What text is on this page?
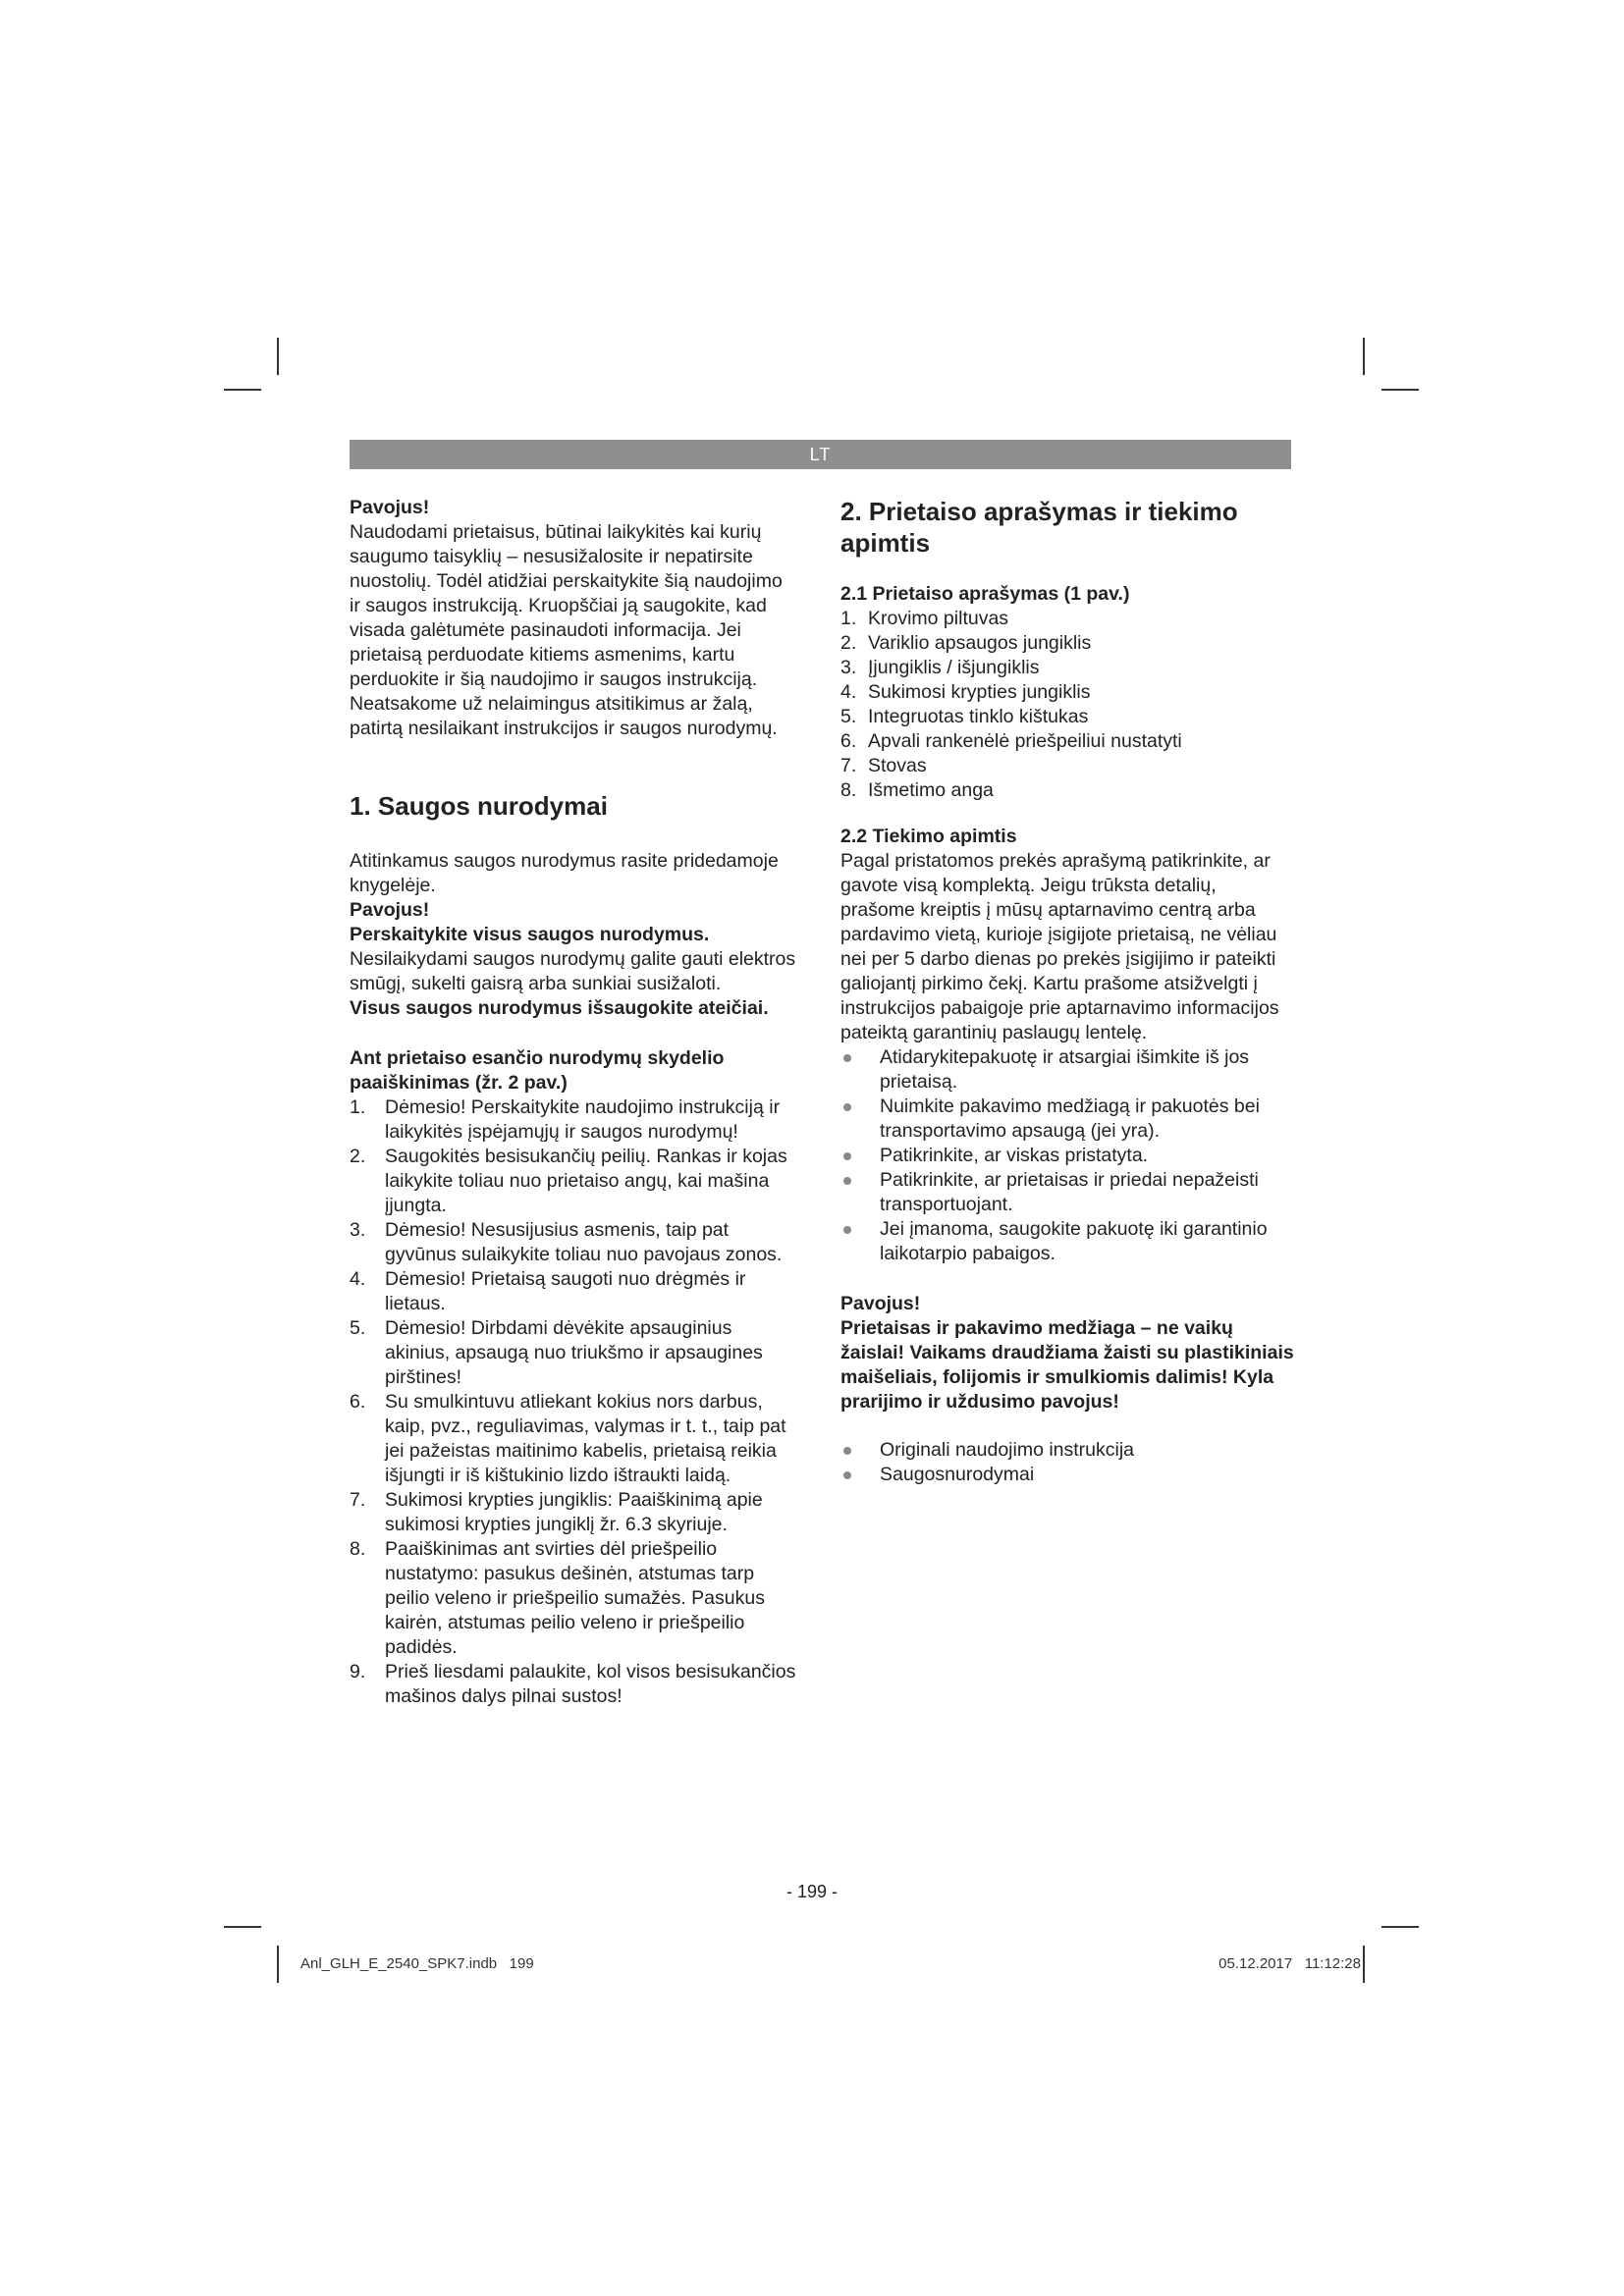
LT

Pavojus!

Naudodami prietaisus, būtinai laikykitės kai kurių saugumo taisyklių – nesusižalosite ir nepatirsite nuostolių. Todėl atidžiai perskaitykite šią naudojimo ir saugos instrukciją. Kruopščiai ją saugokite, kad visada galėtumėte pasinaudoti informacija. Jei prietaisą perduodate kitiems asmenims, kartu perduokite ir šią naudojimo ir saugos instrukciją. Neatsakome už nelaimingus atsitikimus ar žalą, patirtą nesilaikant instrukcijos ir saugos nurodymų.

1. Saugos nurodymai

Atitinkamus saugos nurodymus rasite pridedamoje knygelėje.

Pavojus!

Perskaitykite visus saugos nurodymus. Nesilaikydami saugos nurodymų galite gauti elektros smūgį, sukelti gaisrą arba sunkiai susižaloti.

Visus saugos nurodymus išsaugokite ateičiai.

Ant prietaiso esančio nurodymų skydelio paaiškinimas (žr. 2 pav.)

1. Dėmesio! Perskaitykite naudojimo instrukciją ir laikykitės įspėjamųjų ir saugos nurodymų!
2. Saugokitės besisukančių peilių. Rankas ir kojas laikykite toliau nuo prietaiso angų, kai mašina įjungta.
3. Dėmesio! Nesusijusius asmenis, taip pat gyvūnus sulaikykite toliau nuo pavojaus zonos.
4. Dėmesio! Prietaisą saugoti nuo drėgmės ir lietaus.
5. Dėmesio! Dirbdami dėvėkite apsauginius akinius, apsaugą nuo triukšmo ir apsaugines pirštines!
6. Su smulkintuvu atliekant kokius nors darbus, kaip, pvz., reguliavimas, valymas ir t. t., taip pat jei pažeistas maitinimo kabelis, prietaisą reikia išjungti ir iš kištukinio lizdo ištraukti laidą.
7. Sukimosi krypties jungiklis: Paaiškinimą apie sukimosi krypties jungiklį žr. 6.3 skyriuje.
8. Paaiškinimas ant svirties dėl priešpeilio nustatymo: pasukus dešinėn, atstumas tarp peilio veleno ir priešpeilio sumažės. Pasukus kairėn, atstumas peilio veleno ir priešpeilio padidės.
9. Prieš liesdami palaukite, kol visos besisukančios mašinos dalys pilnai sustos!

2. Prietaiso aprašymas ir tiekimo apimtis

2.1 Prietaiso aprašymas (1 pav.)

1. Krovimo piltuvas
2. Variklio apsaugos jungiklis
3. Įjungiklis / išjungiklis
4. Sukimosi krypties jungiklis
5. Integruotas tinklo kištukas
6. Apvali rankenėlė priešpeiliui nustatyti
7. Stovas
8. Išmetimo anga

2.2 Tiekimo apimtis

Pagal pristatomos prekės aprašymą patikrinkite, ar gavote visą komplektą. Jeigu trūksta detalių, prašome kreiptis į mūsų aptarnavimo centrą arba pardavimo vietą, kurioje įsigijote prietaisą, ne vėliau nei per 5 darbo dienas po prekės įsigijimo ir pateikti galiojantį pirkimo čekį. Kartu prašome atsižvelgti į instrukcijos pabaigoje prie aptarnavimo informacijos pateiktą garantinių paslaugų lentelę.

Atidarykitepakuotę ir atsargiai išimkite iš jos prietaisą.
Nuimkite pakavimo medžiagą ir pakuotės bei transportavimo apsaugą (jei yra).
Patikrinkite, ar viskas pristatyta.
Patikrinkite, ar prietaisas ir priedai nepažeisti transportuojant.
Jei įmanoma, saugokite pakuotę iki garantinio laikotarpio pabaigos.

Pavojus!

Prietaisas ir pakavimo medžiaga – ne vaikų žaislai! Vaikams draudžiama žaisti su plastikiniais maišeliais, folijomis ir smulkiomis dalimis! Kyla prarijimo ir uždusimo pavojus!

Originali naudojimo instrukcija
Saugosnurodymai
- 199 -
Anl_GLH_E_2540_SPK7.indb   199	05.12.2017   11:12:28
